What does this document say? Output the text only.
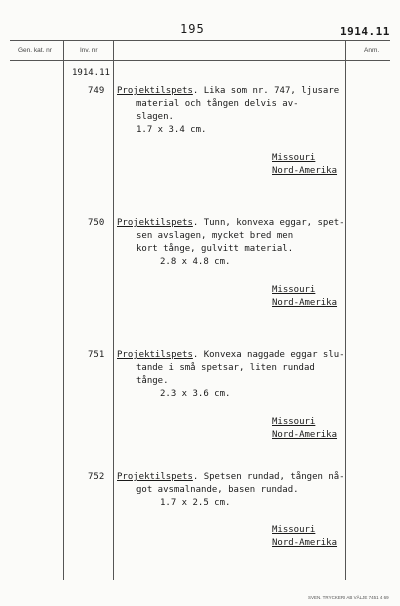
195	1914.11
Gen. kat. nr	Inv. nr	Anm.
1914.11
749 Projektilspets. Lika som nr. 747, ljusare
material och tången delvis av-
slagen.
1.7 x 3.4 cm.
Missouri
Nord-Amerika
750 Projektilspets. Tunn, konvexa eggar, spet-
sen avslagen, mycket bred men
kort tånge, gulvitt material.
2.8 x 4.8 cm.
Missouri
Nord-Amerika
751 Projektilspets. Konvexa naggade eggar slu-
tande i små spetsar, liten rundad
tånge.
2.3 x 3.6 cm.
Missouri
Nord-Amerika
752 Projektilspets. Spetsen rundad, tången nå-
got avsmalnande, basen rundad.
1.7 x 2.5 cm.
Missouri
Nord-Amerika
SVEN. TRYCKERI AB VÄLJE 7451 4 69
